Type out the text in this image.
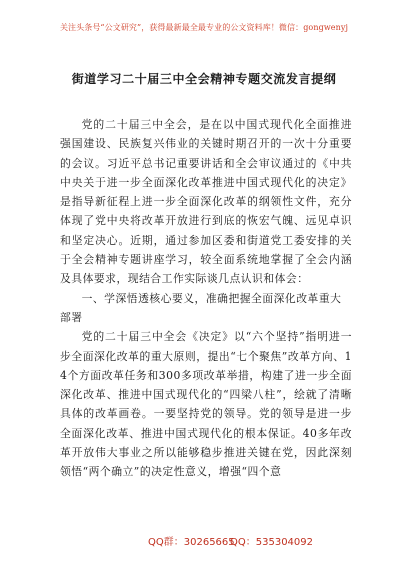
关注头条号“公文研究”，获得最新最全最专业的公文资料库！微信：gongwenyj
街道学习二十届三中全会精神专题交流发言提纲

党的二十届三中全会，是在以中国式现代化全面推进强国建设、民族复兴伟业的关键时期召开的一次十分重要的会议。习近平总书记重要讲话和全会审议通过的《中共中央关于进一步全面深化改革推进中国式现代化的决定》是指导新征程上进一步全面深化改革的纲领性文件，充分体现了党中央将改革开放进行到底的恢宏气魄、远见卓识和坚定决心。近期，通过参加区委和街道党工委安排的关于全会精神专题讲座学习，较全面系统地掌握了全会内涵及具体要求，现结合工作实际谈几点认识和体会：

一、学深悟透核心要义，准确把握全面深化改革重大部署

党的二十届三中全会《决定》以“六个坚持”指明进一步全面深化改革的重大原则，提出“七个聚焦”改革方向、14个方面改革任务和300多项改革举措，构建了进一步全面深化改革、推进中国式现代化的“四梁八柱”，绘就了清晰具体的改革画卷。一要坚持党的领导。党的领导是进一步全面深化改革、推进中国式现代化的根本保证。40多年改革开放伟大事业之所以能够稳步推进关键在党，因此深刻领悟“两个确立”的决定性意义，增强“四个意

QQ群：30265665
QQ：535304092
